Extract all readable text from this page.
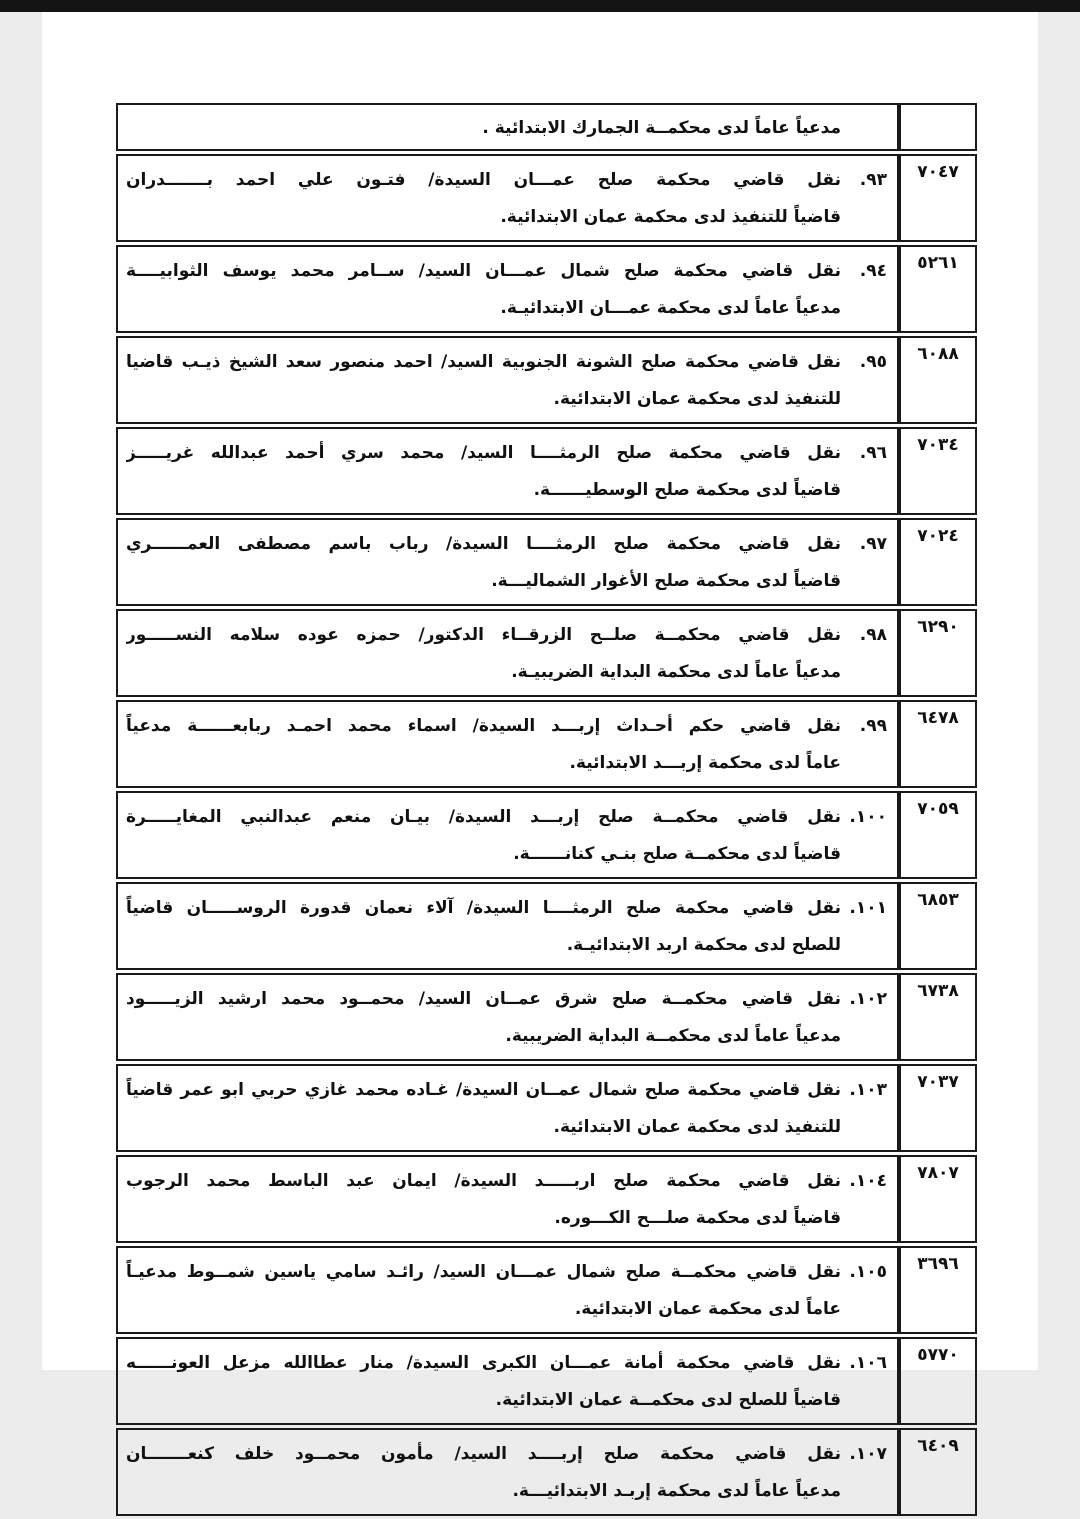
	مدعياً عاماً لدى محكمــة الجمارك الابتدائية .

٧٠٤٧	٩٣.
نقل قاضي محكمة صلح عمـــان السيدة/ فتـون علي احمد بـــــــدران
قاضياً للتنفيذ لدى محكمة عمان الابتدائية.

٥٢٦١	٩٤.
نقل قاضي محكمة صلح شمال عمـــان السيد/ ســامر محمد يوسف الثوابيــــة
مدعياً عاماً لدى محكمة عمـــان الابتدائيـة.

٦٠٨٨	٩٥.
نقل قاضي محكمة صلح الشونة الجنوبية السيد/ احمد منصور سعد الشيخ ذيـب قاضيا
للتنفيذ لدى محكمة عمان الابتدائية.

٧٠٣٤	٩٦.
نقل قاضي محكمة صلح الرمثــــا السيد/ محمد سري أحمد عبدالله غريـــــز
قاضياً لدى محكمة صلح الوسطيــــــة.

٧٠٢٤	٩٧.
نقل قاضي محكمة صلح الرمثــــا السيدة/ رباب باسم مصطفى العمــــــري
قاضياً لدى محكمة صلح الأغوار الشماليـــة.

٦٢٩٠	٩٨.
نقل قاضي محكمــة صلــح الزرقــاء الدكتور/ حمزه عوده سلامه النســـــور
مدعياً عاماً لدى محكمة البداية الضريبيـة.

٦٤٧٨	٩٩.
نقل قاضي حكم أحـداث إربـــد السيدة/ اسماء محمد احمـد ربابعــــــة مدعياً
عاماً لدى محكمة إربـــد الابتدائية.

٧٠٥٩	١٠٠.
نقل قاضي محكمــة صلح إربـــد السيدة/ بيـان منعم عبدالنبي المغايـــــرة
قاضياً لدى محكمــة صلح بنـي كنانــــــة.

٦٨٥٣	١٠١.
نقل قاضي محكمة صلح الرمثــــا السيدة/ آلاء نعمان قدورة الروســـــان قاضياً
للصلح لدى محكمة اربد الابتدائيـة.

٦٧٣٨	١٠٢.
نقل قاضي محكمــة صلح شرق عمــان السيد/ محمــود محمد ارشيد الزيـــــود
مدعياً عاماً لدى محكمــة البداية الضريبية.

٧٠٣٧	١٠٣.
نقل قاضي محكمة صلح شمال عمــان السيدة/ غـاده محمد غازي حربي ابو عمر قاضياً
للتنفيذ لدى محكمة عمان الابتدائية.

٧٨٠٧	١٠٤.
نقل قاضي محكمة صلح اربـــــد السيدة/ ايمان عبد الباسط محمد الرجوب
قاضياً لدى محكمة صلـــح الكـــوره.

٣٦٩٦	١٠٥.
نقل قاضي محكمــة صلح شمال عمـــان السيد/ رائـد سامي ياسين شمــوط مدعيـاً
عاماً لدى محكمة عمان الابتدائية.

٥٧٧٠	١٠٦.
نقل قاضي محكمة أمانة عمـــان الكبرى السيدة/ منار عطاالله مزعل العونــــــه
قاضياً للصلح لدى محكمــة عمان الابتدائية.

٦٤٠٩	١٠٧.
نقل قاضي محكمة صلح إربــــد السيد/ مأمون محمــود خلف كنعـــــــان
مدعياً عاماً لدى محكمة إربـد الابتدائيـــة.
